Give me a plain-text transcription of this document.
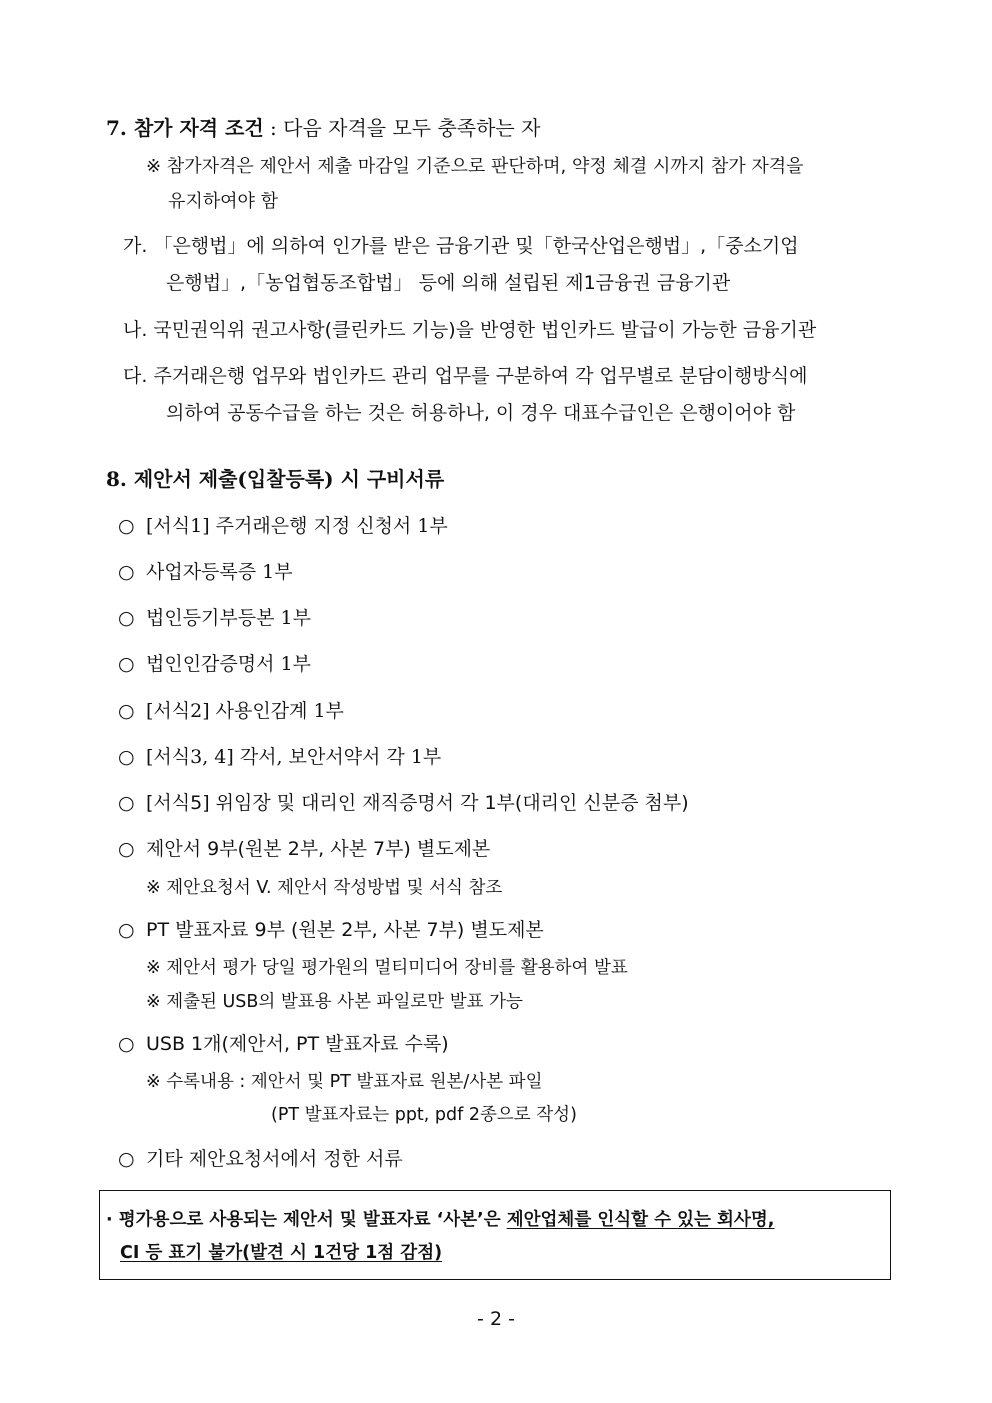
7. 참가 자격 조건 : 다음 자격을 모두 충족하는 자
※ 참가자격은 제안서 제출 마감일 기준으로 판단하며, 약정 체결 시까지 참가 자격을
유지하여야 함
가. 「은행법」에 의하여 인가를 받은 금융기관 및「한국산업은행법」,「중소기업
은행법」,「농업협동조합법」 등에 의해 설립된 제1금융권 금융기관
나. 국민권익위 권고사항(클린카드 기능)을 반영한 법인카드 발급이 가능한 금융기관
다. 주거래은행 업무와 법인카드 관리 업무를 구분하여 각 업무별로 분담이행방식에
의하여 공동수급을 하는 것은 허용하나, 이 경우 대표수급인은 은행이어야 함
8. 제안서 제출(입찰등록) 시 구비서류
○ [서식1] 주거래은행 지정 신청서 1부
○ 사업자등록증 1부
○ 법인등기부등본 1부
○ 법인인감증명서 1부
○ [서식2] 사용인감계 1부
○ [서식3, 4] 각서, 보안서약서 각 1부
○ [서식5] 위임장 및 대리인 재직증명서 각 1부(대리인 신분증 첨부)
○ 제안서 9부(원본 2부, 사본 7부) 별도제본
※ 제안요청서 V. 제안서 작성방법 및 서식 참조
○ PT 발표자료 9부 (원본 2부, 사본 7부) 별도제본
※ 제안서 평가 당일 평가원의 멀티미디어 장비를 활용하여 발표
※ 제출된 USB의 발표용 사본 파일로만 발표 가능
○ USB 1개(제안서, PT 발표자료 수록)
※ 수록내용 : 제안서 및 PT 발표자료 원본/사본 파일
(PT 발표자료는 ppt, pdf 2종으로 작성)
○ 기타 제안요청서에서 정한 서류
· 평가용으로 사용되는 제안서 및 발표자료 ‘사본’은 제안업체를 인식할 수 있는 회사명,
CI 등 표기 불가(발견 시 1건당 1점 감점)
- 2 -
